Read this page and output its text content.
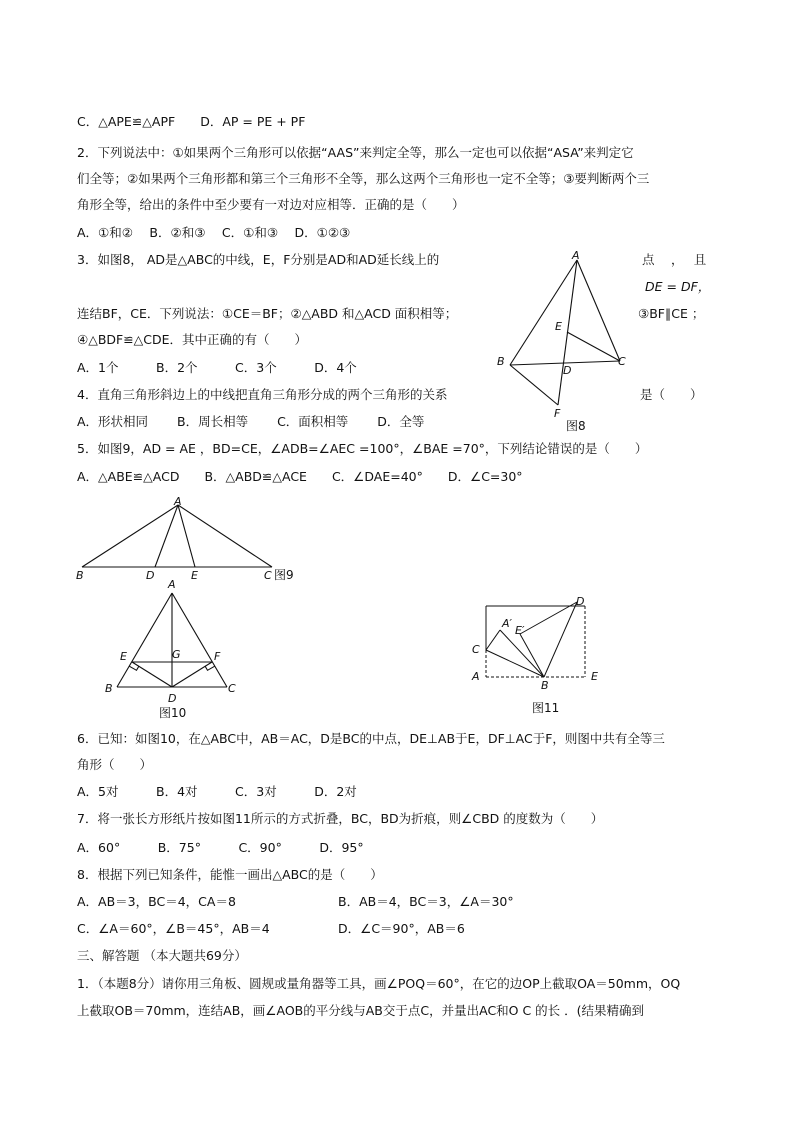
C．△APE≌△APF　　D．AP = PE + PF
2．下列说法中：①如果两个三角形可以依据“AAS”来判定全等，那么一定也可以依据“ASA”来判定它
们全等；②如果两个三角形都和第三个三角形不全等，那么这两个三角形也一定不全等；③要判断两个三
角形全等，给出的条件中至少要有一对边对应相等．正确的是（　　）
A．①和②　 B．②和③　 C．①和③　 D．①②③
3．如图8， AD是△ABC的中线，E，F分别是AD和AD延长线上的	点　 ，　 且
DE = DF，
连结BF，CE．下列说法：①CE＝BF；②△ABD 和△ACD 面积相等；	③BF∥CE ；
④△BDF≌△CDE．其中正确的有（　　）
A．1个　　　B．2个　　　C．3个　　　D．4个
4．直角三角形斜边上的中线把直角三角形分成的两个三角形的关系	是（　　）
A．形状相同　　 B．周长相等　　 C．面积相等　　 D．全等
5．如图9，AD = AE ，BD=CE，∠ADB=∠AEC =100°，∠BAE =70°，下列结论错误的是（　　）
A．△ABE≌△ACD　　B．△ABD≌△ACE　　C．∠DAE=40°　　D．∠C=30°
6．已知：如图10，在△ABC中，AB＝AC，D是BC的中点，DE⊥AB于E，DF⊥AC于F，则图中共有全等三
角形（　　）
A．5对　　　B．4对　　　C．3对　　　D．2对
7．将一张长方形纸片按如图11所示的方式折叠，BC，BD为折痕，则∠CBD 的度数为（　　）
A．60°　　　B．75°　　　C．90°　　　D．95°
8．根据下列已知条件，能惟一画出△ABC的是（　　）
A．AB＝3，BC＝4，CA＝8	B．AB＝4，BC＝3，∠A＝30°
C．∠A＝60°，∠B＝45°，AB＝4	D．∠C＝90°，AB＝6
三、解答题 （本大题共69分）
1．（本题8分）请你用三角板、圆规或量角器等工具，画∠POQ＝60°，在它的边OP上截取OA＝50mm，OQ
上截取OB＝70mm，连结AB，画∠AOB的平分线与AB交于点C，并量出AC和O C 的长 ．(结果精确到
A
B	C
D
E
F
图8
A
B	D	E	C 图9
A
E	G	F
B	C
D
图10
D
A′
E′
C
A
B
E
图11
